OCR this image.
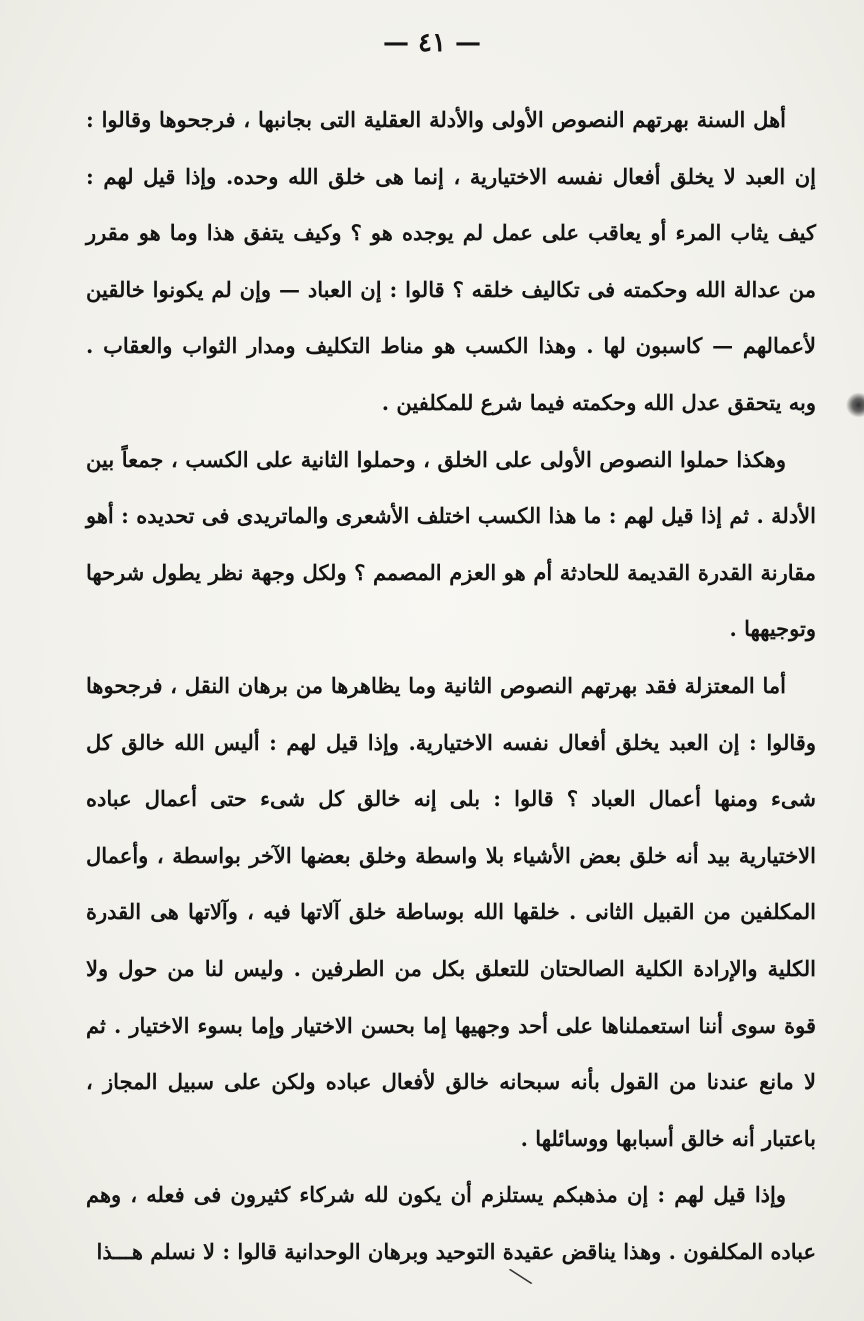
— ٤١ —

أهل السنة بهرتهم النصوص الأولى والأدلة العقلية التى بجانبها ، فرجحوها وقالوا : إن العبد لا يخلق أفعال نفسه الاختيارية ، إنما هى خلق الله وحده. وإذا قيل لهم : كيف يثاب المرء أو يعاقب على عمل لم يوجده هو ؟ وكيف يتفق هذا وما هو مقرر من عدالة الله وحكمته فى تكاليف خلقه ؟ قالوا : إن العباد — وإن لم يكونوا خالقين لأعمالهم — كاسبون لها . وهذا الكسب هو مناط التكليف ومدار الثواب والعقاب . وبه يتحقق عدل الله وحكمته فيما شرع للمكلفين .

وهكذا حملوا النصوص الأولى على الخلق ، وحملوا الثانية على الكسب ، جمعاً بين الأدلة . ثم إذا قيل لهم : ما هذا الكسب اختلف الأشعرى والماتريدى فى تحديده : أهو مقارنة القدرة القديمة للحادثة أم هو العزم المصمم ؟ ولكل وجهة نظر يطول شرحها وتوجيهها .

أما المعتزلة فقد بهرتهم النصوص الثانية وما يظاهرها من برهان النقل ، فرجحوها وقالوا : إن العبد يخلق أفعال نفسه الاختيارية. وإذا قيل لهم : أليس الله خالق كل شىء ومنها أعمال العباد ؟ قالوا : بلى إنه خالق كل شىء حتى أعمال عباده الاختيارية بيد أنه خلق بعض الأشياء بلا واسطة وخلق بعضها الآخر بواسطة ، وأعمال المكلفين من القبيل الثانى . خلقها الله بوساطة خلق آلاتها فيه ، وآلاتها هى القدرة الكلية والإرادة الكلية الصالحتان للتعلق بكل من الطرفين . وليس لنا من حول ولا قوة سوى أننا استعملناها على أحد وجهيها إما بحسن الاختيار وإما بسوء الاختيار . ثم لا مانع عندنا من القول بأنه سبحانه خالق لأفعال عباده ولكن على سبيل المجاز ، باعتبار أنه خالق أسبابها ووسائلها .

وإذا قيل لهم : إن مذهبكم يستلزم أن يكون لله شركاء كثيرون فى فعله ، وهم عباده المكلفون . وهذا يناقض عقيدة التوحيد وبرهان الوحدانية قالوا : لا نسلم هـــذا

╲
